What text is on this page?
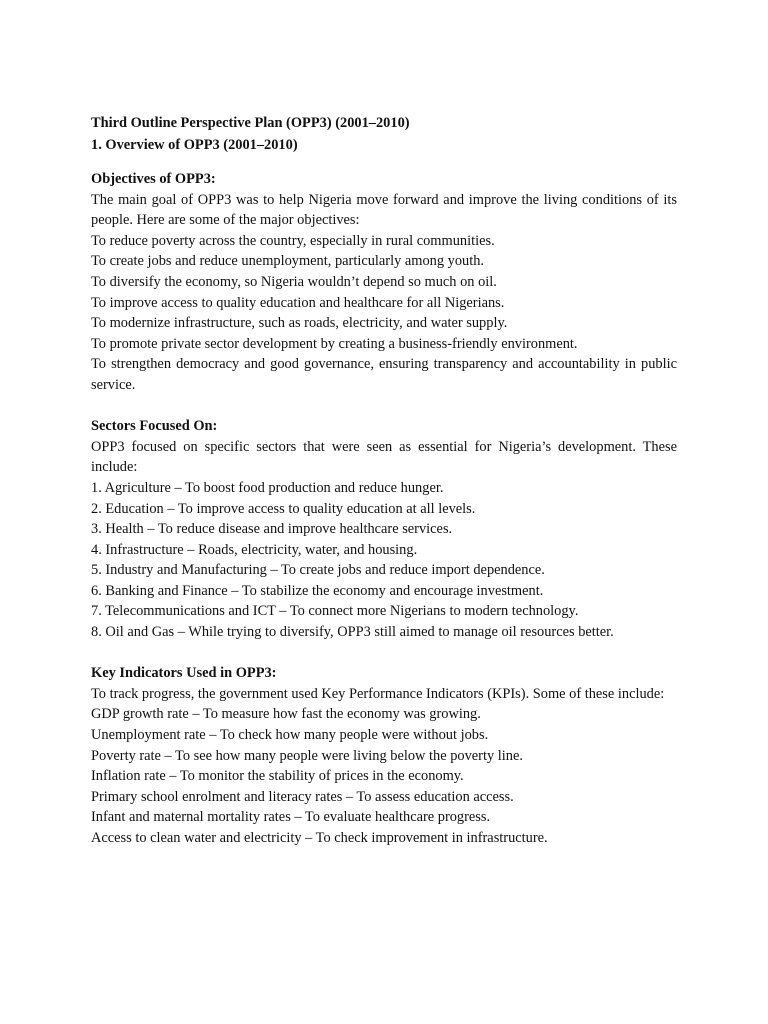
Third Outline Perspective Plan (OPP3) (2001–2010)
1. Overview of OPP3 (2001–2010)
Objectives of OPP3:

The main goal of OPP3 was to help Nigeria move forward and improve the living conditions of its people. Here are some of the major objectives:

To reduce poverty across the country, especially in rural communities.
To create jobs and reduce unemployment, particularly among youth.
To diversify the economy, so Nigeria wouldn’t depend so much on oil.
To improve access to quality education and healthcare for all Nigerians.
To modernize infrastructure, such as roads, electricity, and water supply.
To promote private sector development by creating a business-friendly environment.

To strengthen democracy and good governance, ensuring transparency and accountability in public service.

Sectors Focused On:

OPP3 focused on specific sectors that were seen as essential for Nigeria’s development. These include:

1. Agriculture – To boost food production and reduce hunger.
2. Education – To improve access to quality education at all levels.
3. Health – To reduce disease and improve healthcare services.
4. Infrastructure – Roads, electricity, water, and housing.
5. Industry and Manufacturing – To create jobs and reduce import dependence.
6. Banking and Finance – To stabilize the economy and encourage investment.
7. Telecommunications and ICT – To connect more Nigerians to modern technology.
8. Oil and Gas – While trying to diversify, OPP3 still aimed to manage oil resources better.
Key Indicators Used in OPP3:

To track progress, the government used Key Performance Indicators (KPIs). Some of these include:

GDP growth rate – To measure how fast the economy was growing.
Unemployment rate – To check how many people were without jobs.
Poverty rate – To see how many people were living below the poverty line.
Inflation rate – To monitor the stability of prices in the economy.
Primary school enrolment and literacy rates – To assess education access.
Infant and maternal mortality rates – To evaluate healthcare progress.
Access to clean water and electricity – To check improvement in infrastructure.
